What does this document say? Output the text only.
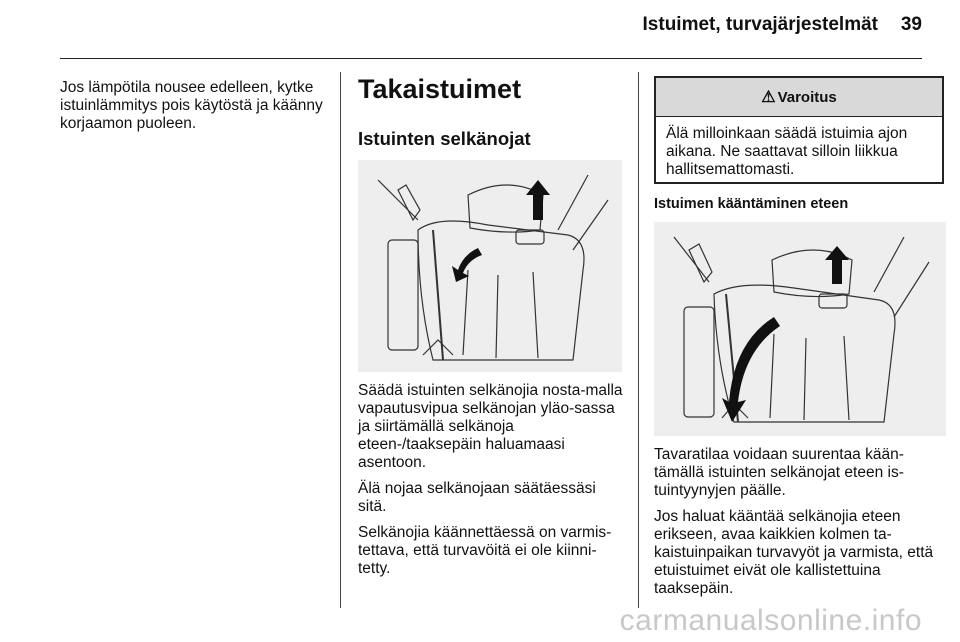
Istuimet, turvajärjestelmät 39

Jos lämpötila nousee edelleen, kytke istuinlämmitys pois käytöstä ja käänny korjaamon puoleen.

Takaistuimet
Istuinten selkänojat

Säädä istuinten selkänojia nosta-malla vapautusvipua selkänojan yläo-sassa ja siirtämällä selkänoja eteen-/taaksepäin haluamaasi asentoon.

Älä nojaa selkänojaan säätäessäsi sitä.

Selkänojia käännettäessä on varmis-tettava, että turvavöitä ei ole kiinni-tetty.

⚠ Varoitus
Älä milloinkaan säädä istuimia ajon aikana. Ne saattavat silloin liikkua hallitsemattomasti.
Istuimen kääntäminen eteen

Tavaratilaa voidaan suurentaa kään-tämällä istuinten selkänojat eteen is-tuintyynyjen päälle.

Jos haluat kääntää selkänojia eteen erikseen, avaa kaikkien kolmen ta-kaistuinpaikan turvavyöt ja varmista, että etuistuimet eivät ole kallistettuina taaksepäin.

carmanualsonline.info
